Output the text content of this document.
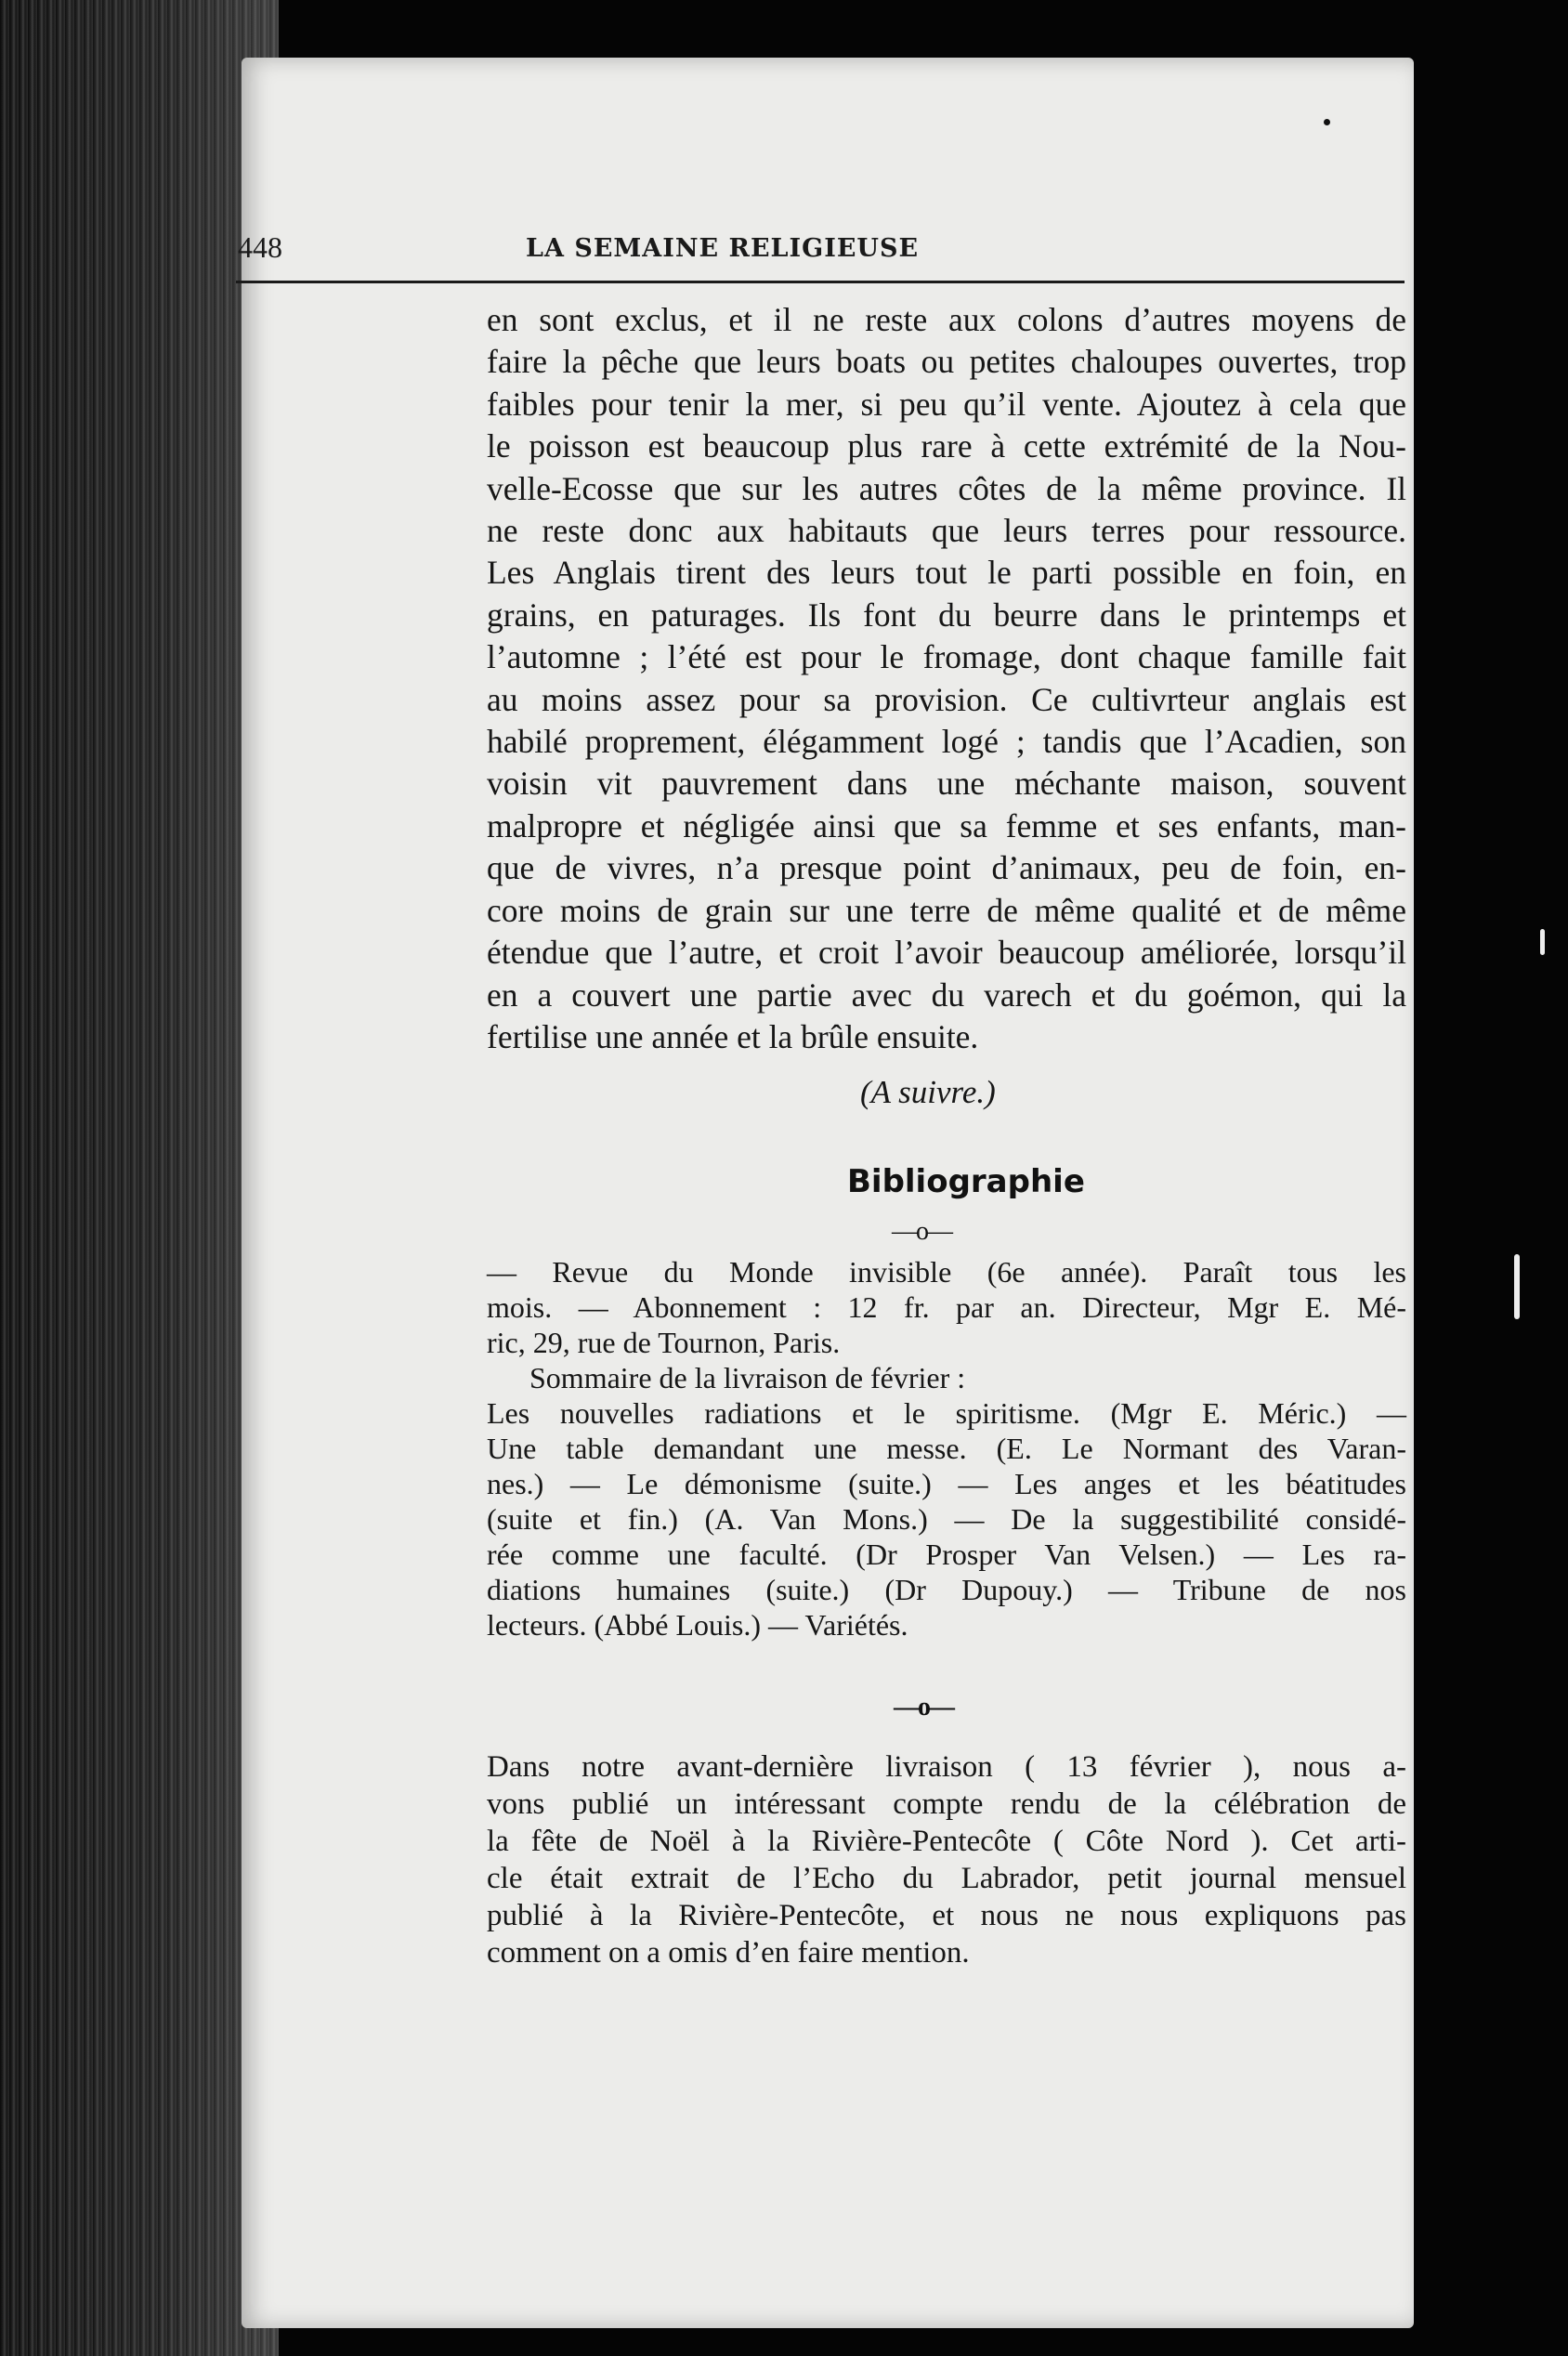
448	LA SEMAINE RELIGIEUSE

en sont exclus, et il ne reste aux colons d’autres moyens de
faire la pêche que leurs boats ou petites chaloupes ouvertes, trop
faibles pour tenir la mer, si peu qu’il vente. Ajoutez à cela que
le poisson est beaucoup plus rare à cette extrémité de la Nou-
velle-Ecosse que sur les autres côtes de la même province. Il
ne reste donc aux habitauts que leurs terres pour ressource.
Les Anglais tirent des leurs tout le parti possible en foin, en
grains, en paturages. Ils font du beurre dans le printemps et
l’automne ; l’été est pour le fromage, dont chaque famille fait
au moins assez pour sa provision. Ce cultivrteur anglais est
habilé proprement, élégamment logé ; tandis que l’Acadien, son
voisin vit pauvrement dans une méchante maison, souvent
malpropre et négligée ainsi que sa femme et ses enfants, man-
que de vivres, n’a presque point d’animaux, peu de foin, en-
core moins de grain sur une terre de même qualité et de même
étendue que l’autre, et croit l’avoir beaucoup améliorée, lorsqu’il
en a couvert une partie avec du varech et du goémon, qui la
fertilise une année et la brûle ensuite.

(A suivre.)
Bibliographie
—o—
— Revue du Monde invisible (6e année). Paraît tous les
mois. — Abonnement : 12 fr. par an. Directeur, Mgr E. Mé-
ric, 29, rue de Tournon, Paris.
Sommaire de la livraison de février :
Les nouvelles radiations et le spiritisme. (Mgr E. Méric.) —
Une table demandant une messe. (E. Le Normant des Varan-
nes.) — Le démonisme (suite.) — Les anges et les béatitudes
(suite et fin.) (A. Van Mons.) — De la suggestibilité considé-
rée comme une faculté. (Dr Prosper Van Velsen.) — Les ra-
diations humaines (suite.) (Dr Dupouy.) — Tribune de nos
lecteurs. (Abbé Louis.) — Variétés.
—o—
Dans notre avant-dernière livraison ( 13 février ), nous a-
vons publié un intéressant compte rendu de la célébration de
la fête de Noël à la Rivière-Pentecôte ( Côte Nord ). Cet arti-
cle était extrait de l’Echo du Labrador, petit journal mensuel
publié à la Rivière-Pentecôte, et nous ne nous expliquons pas
comment on a omis d’en faire mention.
